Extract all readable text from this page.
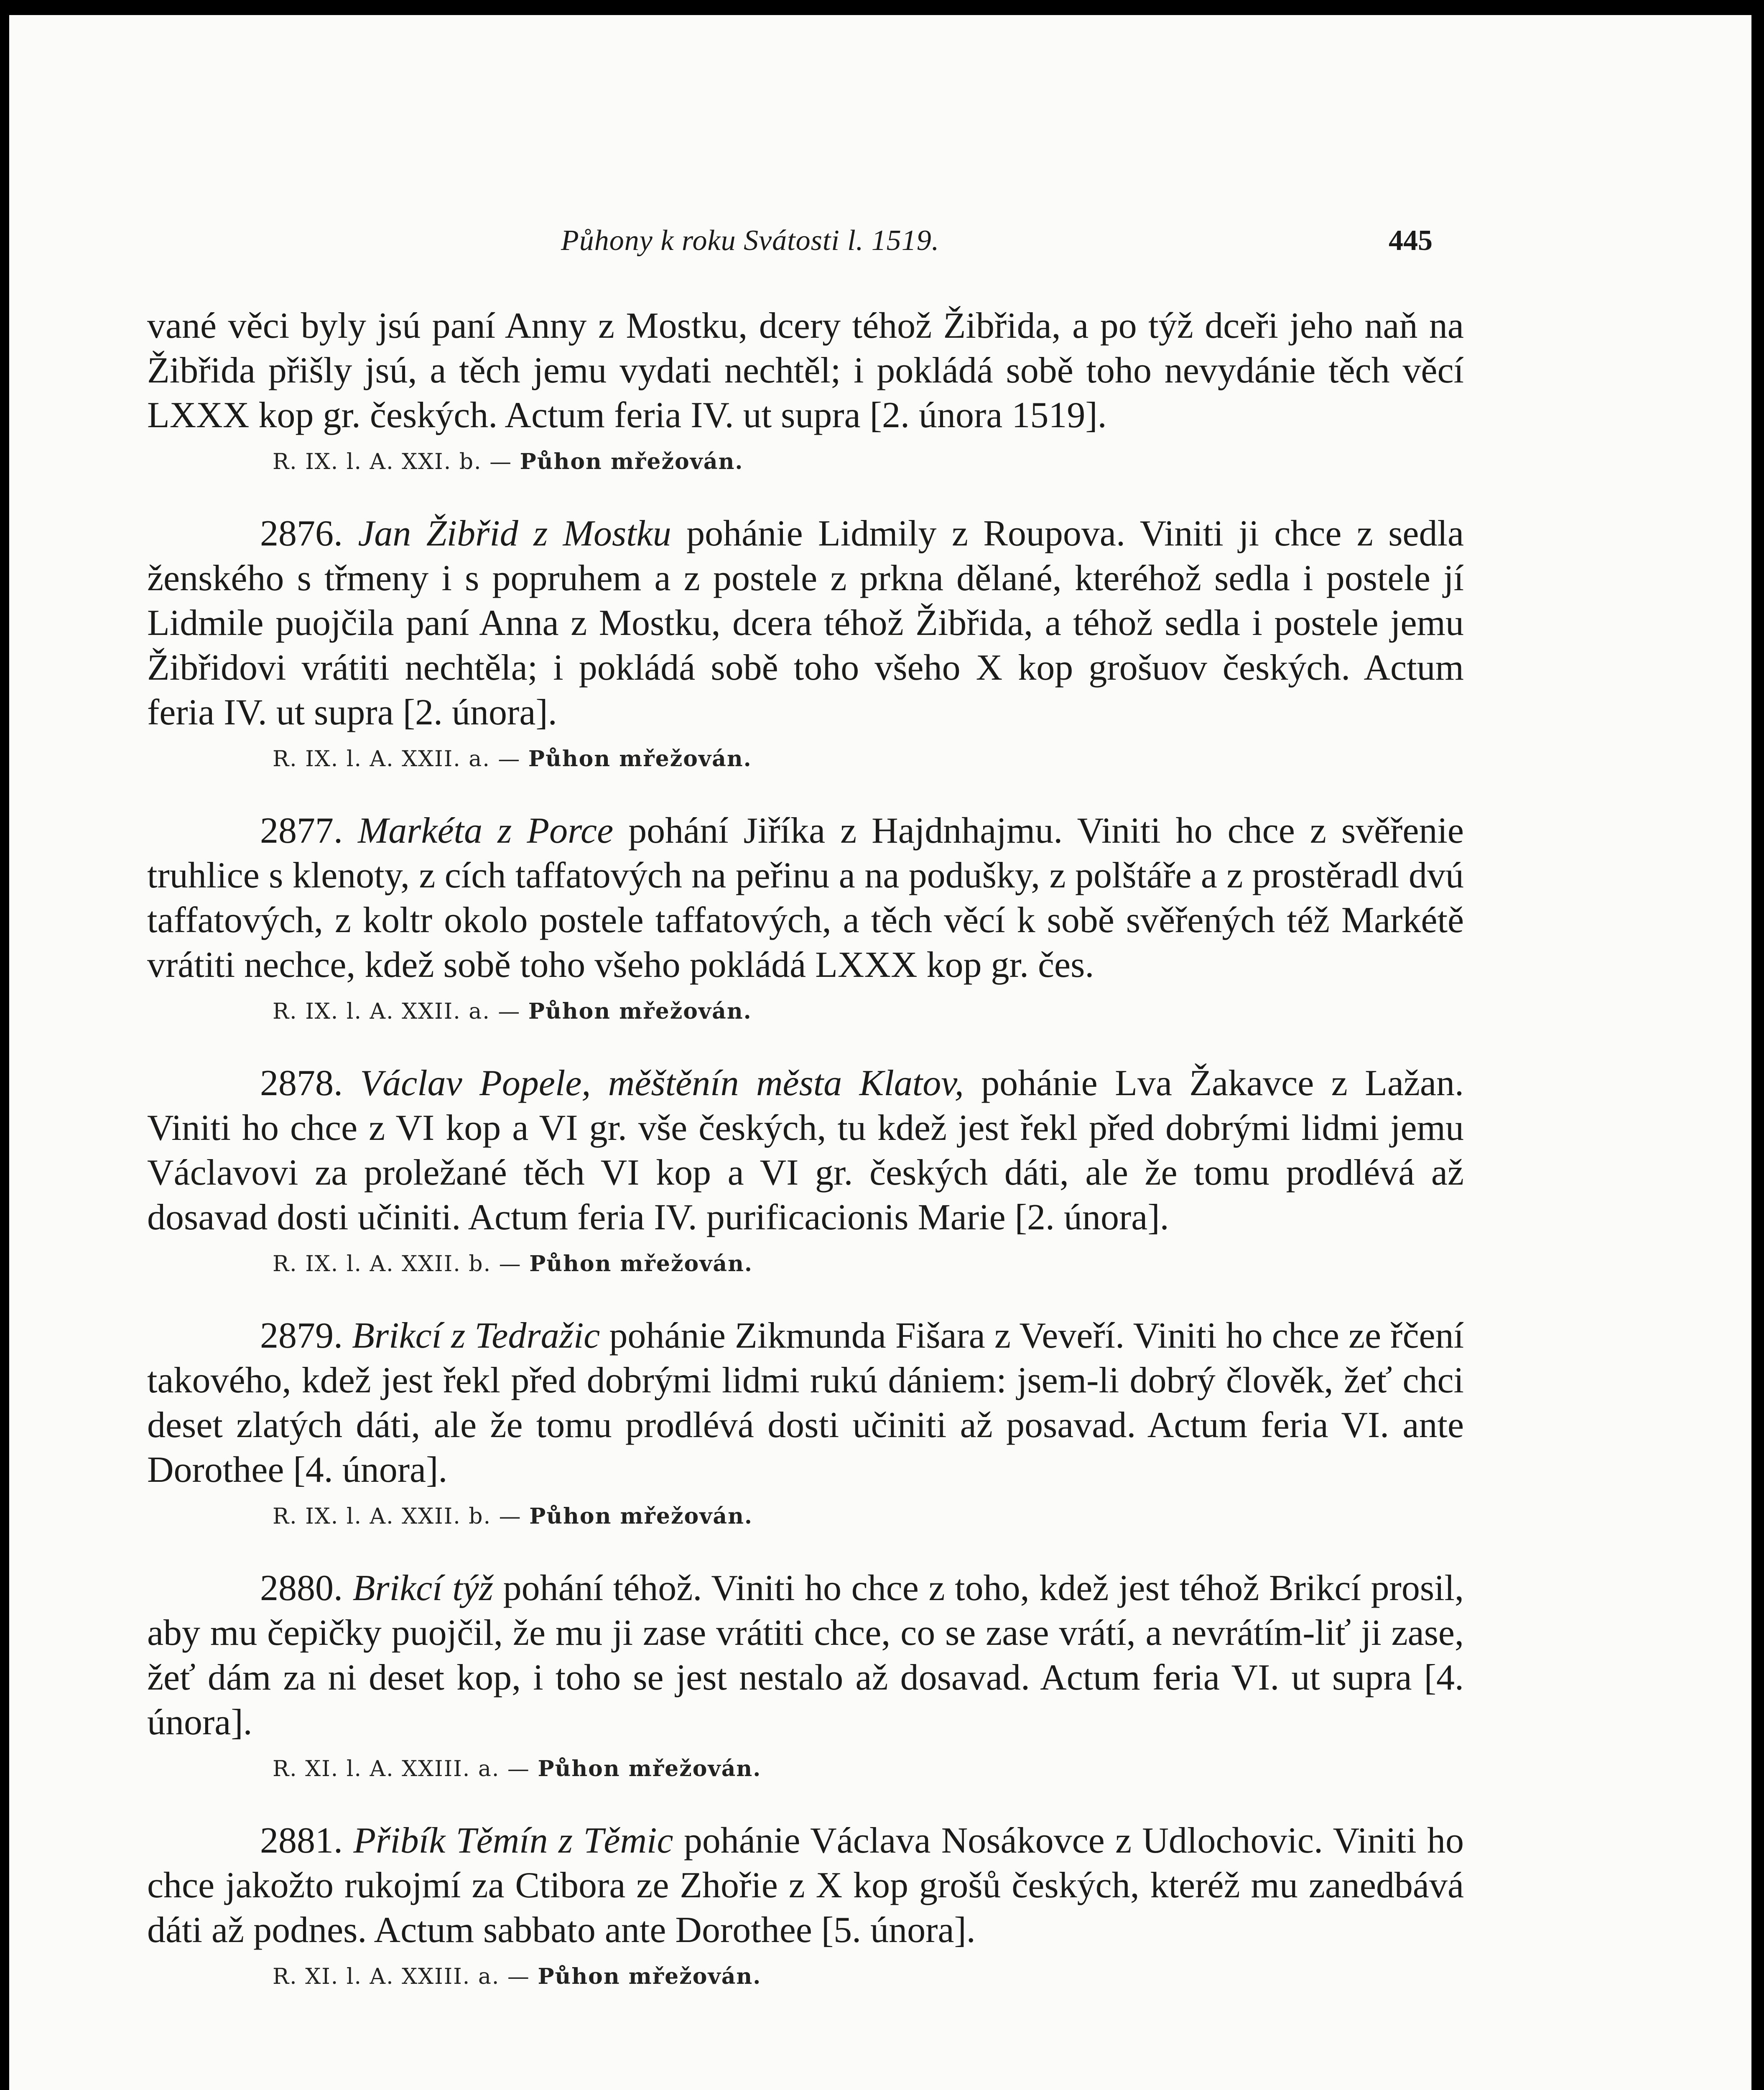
Půhony k roku Svátosti l. 1519.	445

vané věci byly jsú paní Anny z Mostku, dcery téhož Žibřida, a po týž dceři jeho naň na Žibřida přišly jsú, a těch jemu vydati nechtěl; i pokládá sobě toho nevydánie těch věcí LXXX kop gr. českých. Actum feria IV. ut supra [2. února 1519].

R. IX. l. A. XXI. b. — Půhon mřežován.

2876. Jan Žibřid z Mostku pohánie Lidmily z Roupova. Viniti ji chce z sedla ženského s třmeny i s popruhem a z postele z prkna dělané, kteréhož sedla i postele jí Lidmile puojčila paní Anna z Mostku, dcera téhož Žibřida, a téhož sedla i postele jemu Žibřidovi vrátiti nechtěla; i pokládá sobě toho všeho X kop grošuov českých. Actum feria IV. ut supra [2. února].

R. IX. l. A. XXII. a. — Půhon mřežován.

2877. Markéta z Porce pohání Jiříka z Hajdnhajmu. Viniti ho chce z svěřenie truhlice s klenoty, z cích taffatových na peřinu a na podušky, z polštáře a z prostěradl dvú taffatových, z koltr okolo postele taffatových, a těch věcí k sobě svěřených též Markétě vrátiti nechce, kdež sobě toho všeho pokládá LXXX kop gr. čes.

R. IX. l. A. XXII. a. — Půhon mřežován.

2878. Václav Popele, měštěnín města Klatov, pohánie Lva Žakavce z Lažan. Viniti ho chce z VI kop a VI gr. vše českých, tu kdež jest řekl před dobrými lidmi jemu Václavovi za proležané těch VI kop a VI gr. českých dáti, ale že tomu prodlévá až dosavad dosti učiniti. Actum feria IV. purificacionis Marie [2. února].

R. IX. l. A. XXII. b. — Půhon mřežován.

2879. Brikcí z Tedražic pohánie Zikmunda Fišara z Veveří. Viniti ho chce ze řčení takového, kdež jest řekl před dobrými lidmi rukú dániem: jsem-li dobrý člověk, žeť chci deset zlatých dáti, ale že tomu prodlévá dosti učiniti až posavad. Actum feria VI. ante Dorothee [4. února].

R. IX. l. A. XXII. b. — Půhon mřežován.

2880. Brikcí týž pohání téhož. Viniti ho chce z toho, kdež jest téhož Brikcí prosil, aby mu čepičky puojčil, že mu ji zase vrátiti chce, co se zase vrátí, a nevrátím-liť ji zase, žeť dám za ni deset kop, i toho se jest nestalo až dosavad. Actum feria VI. ut supra [4. února].

R. XI. l. A. XXIII. a. — Půhon mřežován.

2881. Přibík Těmín z Těmic pohánie Václava Nosákovce z Udlochovic. Viniti ho chce jakožto rukojmí za Ctibora ze Zhořie z X kop grošů českých, kteréž mu zanedbává dáti až podnes. Actum sabbato ante Dorothee [5. února].

R. XI. l. A. XXIII. a. — Půhon mřežován.
